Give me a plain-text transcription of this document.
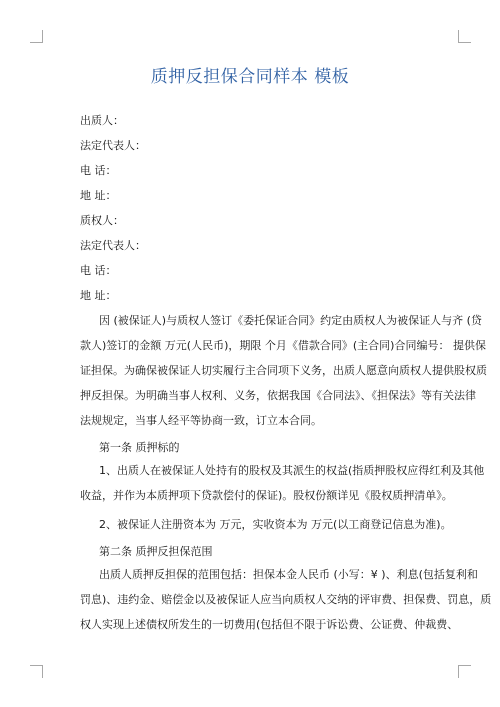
质押反担保合同样本 模板
出质人：
法定代表人：
电 话：
地 址：
质权人：
法定代表人：
电 话：
地 址：
因 (被保证人)与质权人签订《委托保证合同》约定由质权人为被保证人与齐 (贷
款人)签订的金额 万元(人民币)，期限 个月《借款合同》(主合同)合同编号： 提供保
证担保。为确保被保证人切实履行主合同项下义务，出质人愿意向质权人提供股权质
押反担保。为明确当事人权利、义务，依据我国《合同法》、《担保法》等有关法律
法规规定，当事人经平等协商一致，订立本合同。
第一条 质押标的
1、出质人在被保证人处持有的股权及其派生的权益(指质押股权应得红利及其他
收益，并作为本质押项下贷款偿付的保证)。股权份额详见《股权质押清单》。
2、被保证人注册资本为 万元，实收资本为 万元(以工商登记信息为准)。
第二条 质押反担保范围
出质人质押反担保的范围包括：担保本金人民币 (小写：¥ )、利息(包括复利和
罚息)、违约金、赔偿金以及被保证人应当向质权人交纳的评审费、担保费、罚息，质
权人实现上述债权所发生的一切费用(包括但不限于诉讼费、公证费、仲裁费、
